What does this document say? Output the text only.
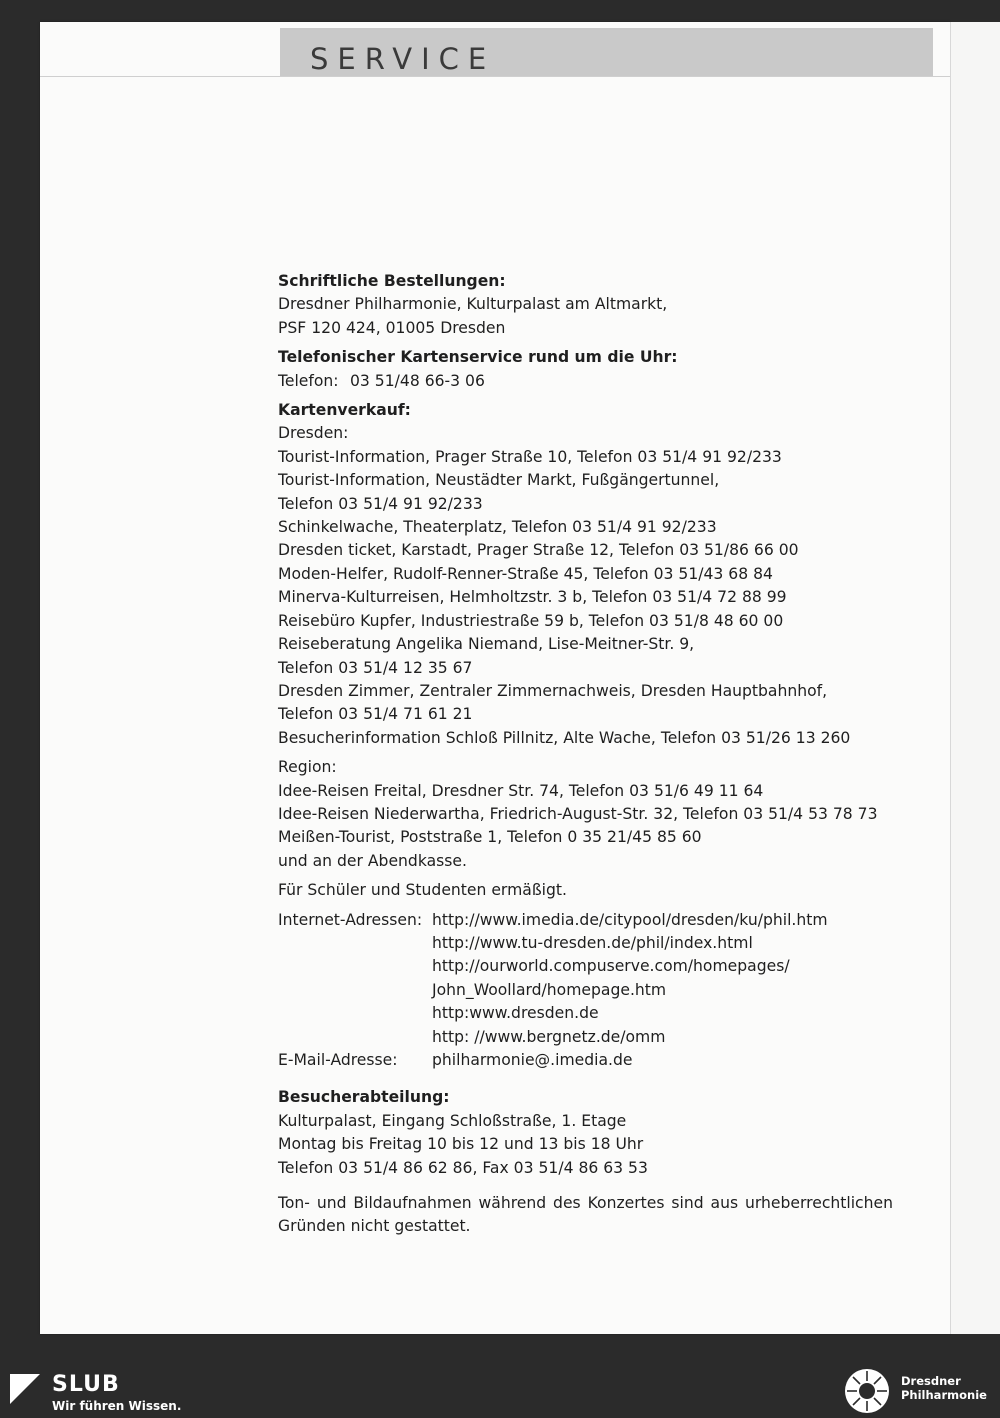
SERVICE
Schriftliche Bestellungen:
Dresdner Philharmonie, Kulturpalast am Altmarkt,
PSF 120 424, 01005 Dresden
Telefonischer Kartenservice rund um die Uhr:
Telefon: 03 51/48 66-3 06
Kartenverkauf:
Dresden:
Tourist-Information, Prager Straße 10, Telefon 03 51/4 91 92/233
Tourist-Information, Neustädter Markt, Fußgängertunnel,
Telefon 03 51/4 91 92/233
Schinkelwache, Theaterplatz, Telefon 03 51/4 91 92/233
Dresden ticket, Karstadt, Prager Straße 12, Telefon 03 51/86 66 00
Moden-Helfer, Rudolf-Renner-Straße 45, Telefon 03 51/43 68 84
Minerva-Kulturreisen, Helmholtzstr. 3 b, Telefon 03 51/4 72 88 99
Reisebüro Kupfer, Industriestraße 59 b, Telefon 03 51/8 48 60 00
Reiseberatung Angelika Niemand, Lise-Meitner-Str. 9,
Telefon 03 51/4 12 35 67
Dresden Zimmer, Zentraler Zimmernachweis, Dresden Hauptbahnhof,
Telefon 03 51/4 71 61 21
Besucherinformation Schloß Pillnitz, Alte Wache, Telefon 03 51/26 13 260
Region:
Idee-Reisen Freital, Dresdner Str. 74, Telefon 03 51/6 49 11 64
Idee-Reisen Niederwartha, Friedrich-August-Str. 32, Telefon 03 51/4 53 78 73
Meißen-Tourist, Poststraße 1, Telefon 0 35 21/45 85 60
und an der Abendkasse.
Für Schüler und Studenten ermäßigt.
Internet-Adressen: http://www.imedia.de/citypool/dresden/ku/phil.htm
http://www.tu-dresden.de/phil/index.html
http://ourworld.compuserve.com/homepages/
John_Woollard/homepage.htm
http:www.dresden.de
http: //www.bergnetz.de/omm
E-Mail-Adresse:	philharmonie@.imedia.de
Besucherabteilung:
Kulturpalast, Eingang Schloßstraße, 1. Etage
Montag bis Freitag 10 bis 12 und 13 bis 18 Uhr
Telefon 03 51/4 86 62 86, Fax 03 51/4 86 63 53
Ton- und Bildaufnahmen während des Konzertes sind aus urheberrechtlichen Gründen nicht gestattet.
SLUB
Wir führen Wissen.
Dresdner
Philharmonie
